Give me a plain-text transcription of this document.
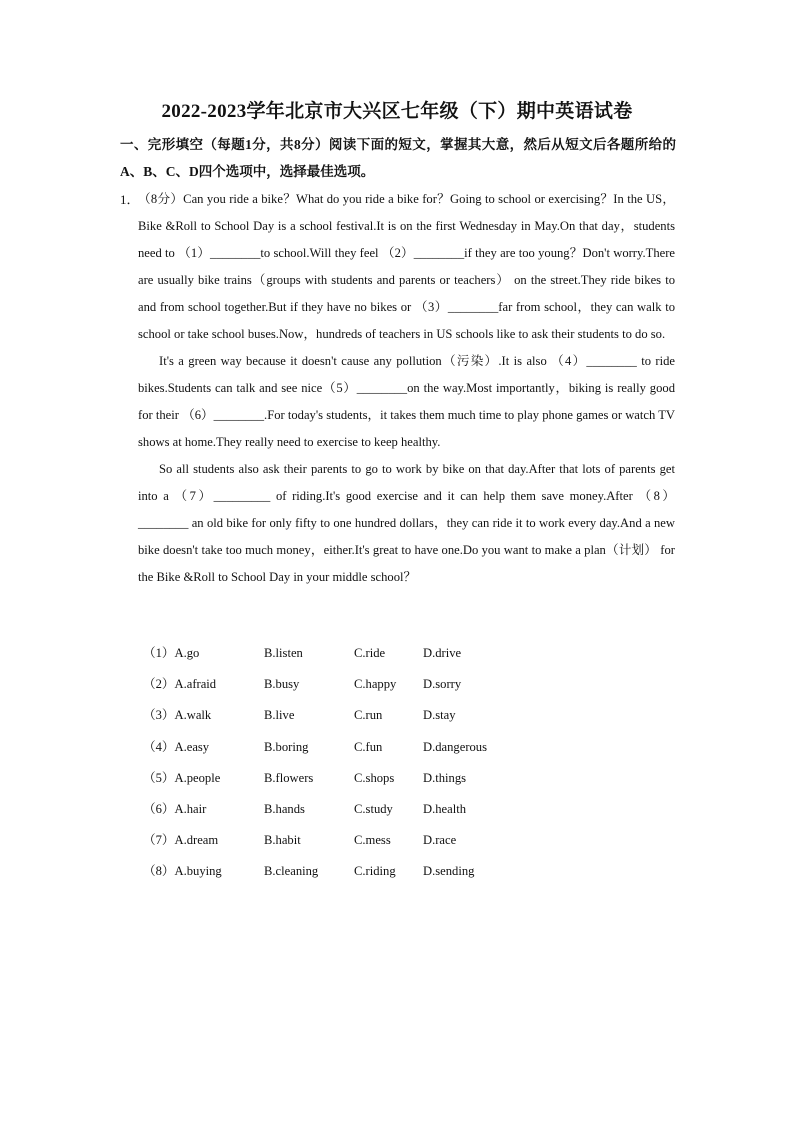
2022-2023学年北京市大兴区七年级（下）期中英语试卷
一、完形填空（每题1分，共8分）阅读下面的短文，掌握其大意，然后从短文后各题所给的A、B、C、D四个选项中，选择最佳选项。
1．

（8分）Can you ride a bike？What do you ride a bike for？Going to school or exercising？In the US，Bike &Roll to School Day is a school festival.It is on the first Wednesday in May.On that day，students need to （1）________to school.Will they feel （2）________if they are too young？Don't worry.There are usually bike trains（groups with students and parents or teachers） on the street.They ride bikes to and from school together.But if they have no bikes or （3）________far from school，they can walk to school or take school buses.Now，hundreds of teachers in US schools like to ask their students to do so.

It's a green way because it doesn't cause any pollution（污染）.It is also （4）________ to ride bikes.Students can talk and see nice（5）________on the way.Most importantly，biking is really good for their （6）________.For today's students，it takes them much time to play phone games or watch TV shows at home.They really need to exercise to keep healthy.

So all students also ask their parents to go to work by bike on that day.After that lots of parents get into a （7）_________ of riding.It's good exercise and it can help them save money.After （8）________ an old bike for only fifty to one hundred dollars，they can ride it to work every day.And a new bike doesn't take too much money，either.It's great to have one.Do you want to make a plan（计划） for the Bike &Roll to School Day in your middle school？

（1）A.go	B.listen	C.ride	D.drive
（2）A.afraid	B.busy	C.happy D.sorry
（3）A.walk	B.live	C.run	D.stay
（4）A.easy	B.boring	C.fun	D.dangerous
（5）A.people	B.flowers	C.shops D.things
（6）A.hair	B.hands	C.study D.health
（7）A.dream	B.habit	C.mess	D.race
（8）A.buying	B.cleaning	C.riding D.sending
